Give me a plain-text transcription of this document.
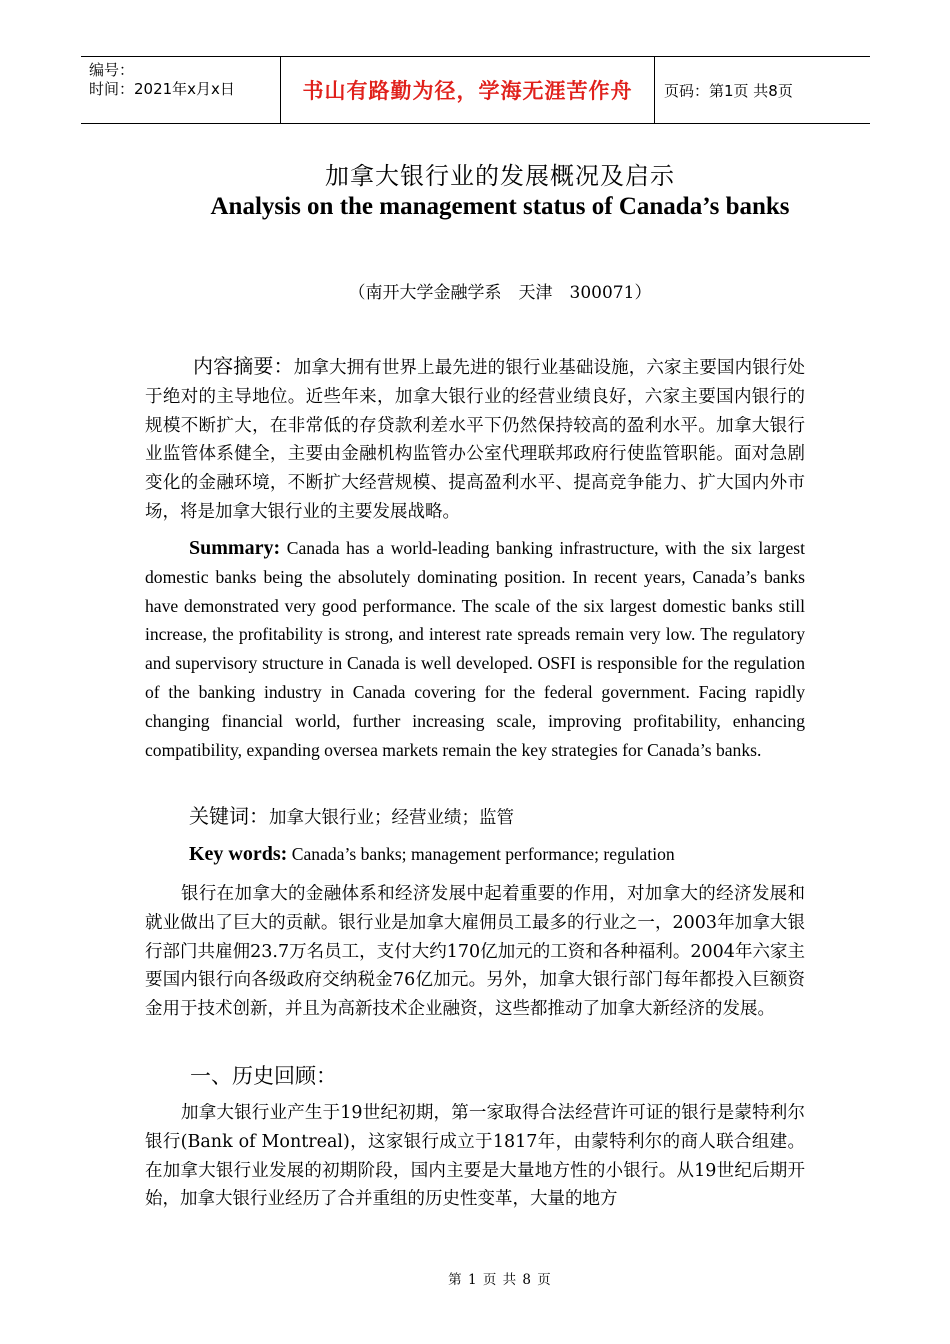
编号：
时间：2021年x月x日	书山有路勤为径，学海无涯苦作舟	页码：第1页 共8页
加拿大银行业的发展概况及启示
Analysis on the management status of Canada’s banks
（南开大学金融学系　天津　300071）

内容摘要：加拿大拥有世界上最先进的银行业基础设施，六家主要国内银行处于绝对的主导地位。近些年来，加拿大银行业的经营业绩良好，六家主要国内银行的规模不断扩大，在非常低的存贷款利差水平下仍然保持较高的盈利水平。加拿大银行业监管体系健全，主要由金融机构监管办公室代理联邦政府行使监管职能。面对急剧变化的金融环境，不断扩大经营规模、提高盈利水平、提高竞争能力、扩大国内外市场，将是加拿大银行业的主要发展战略。

Summary: Canada has a world-leading banking infrastructure, with the six largest domestic banks being the absolutely dominating position. In recent years, Canada’s banks have demonstrated very good performance. The scale of the six largest domestic banks still increase, the profitability is strong, and interest rate spreads remain very low. The regulatory and supervisory structure in Canada is well developed. OSFI is responsible for the regulation of the banking industry in Canada covering for the federal government. Facing rapidly changing financial world, further increasing scale, improving profitability, enhancing compatibility, expanding oversea markets remain the key strategies for Canada’s banks.

关键词：加拿大银行业；经营业绩；监管

Key words: Canada’s banks; management performance; regulation

银行在加拿大的金融体系和经济发展中起着重要的作用，对加拿大的经济发展和就业做出了巨大的贡献。银行业是加拿大雇佣员工最多的行业之一，2003年加拿大银行部门共雇佣23.7万名员工，支付大约170亿加元的工资和各种福利。2004年六家主要国内银行向各级政府交纳税金76亿加元。另外，加拿大银行部门每年都投入巨额资金用于技术创新，并且为高新技术企业融资，这些都推动了加拿大新经济的发展。

一、历史回顾：

加拿大银行业产生于19世纪初期，第一家取得合法经营许可证的银行是蒙特利尔银行(Bank of Montreal)，这家银行成立于1817年，由蒙特利尔的商人联合组建。在加拿大银行业发展的初期阶段，国内主要是大量地方性的小银行。从19世纪后期开始，加拿大银行业经历了合并重组的历史性变革，大量的地方

第 1 页 共 8 页
